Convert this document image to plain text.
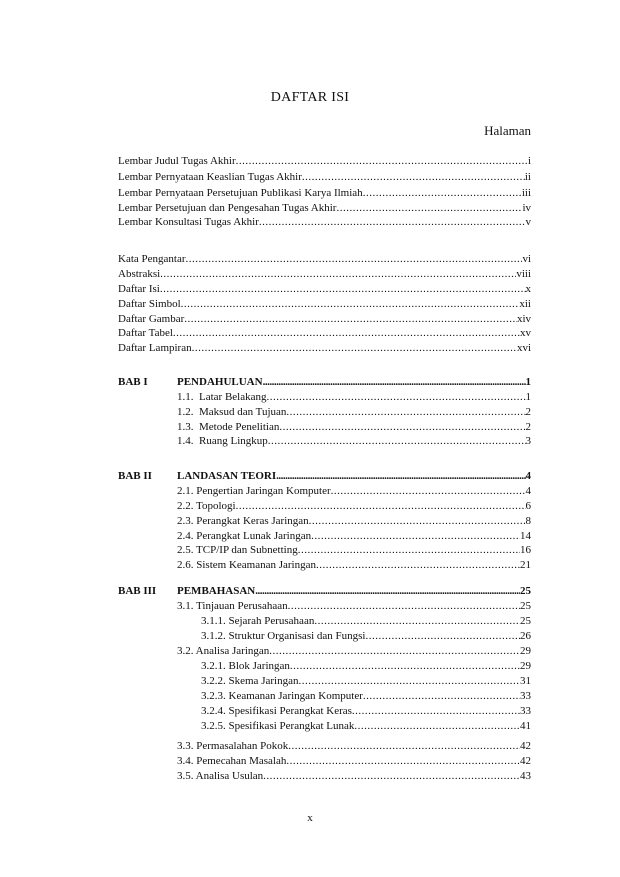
DAFTAR ISI
Halaman
Lembar Judul Tugas Akhir .....	i
Lembar Pernyataan Keaslian Tugas Akhir .....	ii
Lembar Pernyataan Persetujuan Publikasi Karya Ilmiah .....	iii
Lembar Persetujuan dan Pengesahan Tugas Akhir .....	iv
Lembar Konsultasi Tugas Akhir .....	v
Kata Pengantar .....	vi
Abstraksi .....	viii
Daftar Isi .....	x
Daftar Simbol .....	xii
Daftar Gambar .....	xiv
Daftar Tabel .....	xv
Daftar Lampiran .....	xvi
BAB I	PENDAHULUAN .....	1
1.1.  Latar Belakang .....	1
1.2.  Maksud dan Tujuan .....	2
1.3.  Metode Penelitian .....	2
1.4.  Ruang Lingkup .....	3
BAB II LANDASAN TEORI .....	4
2.1. Pengertian Jaringan Komputer .....	4
2.2. Topologi .....	6
2.3. Perangkat Keras Jaringan .....	8
2.4. Perangkat Lunak Jaringan .....	14
2.5. TCP/IP dan Subnetting .....	16
2.6. Sistem Keamanan Jaringan .....	21
BAB III PEMBAHASAN .....	25
3.1. Tinjauan Perusahaan .....	25
3.1.1. Sejarah Perusahaan .....	25
3.1.2. Struktur Organisasi dan Fungsi .....	26
3.2. Analisa Jaringan .....	29
3.2.1. Blok Jaringan .....	29
3.2.2. Skema Jaringan .....	31
3.2.3. Keamanan Jaringan Komputer .....	33
3.2.4. Spesifikasi Perangkat Keras .....	33
3.2.5. Spesifikasi Perangkat Lunak .....	41
3.3. Permasalahan Pokok .....	42
3.4. Pemecahan Masalah .....	42
3.5. Analisa Usulan .....	43
x
